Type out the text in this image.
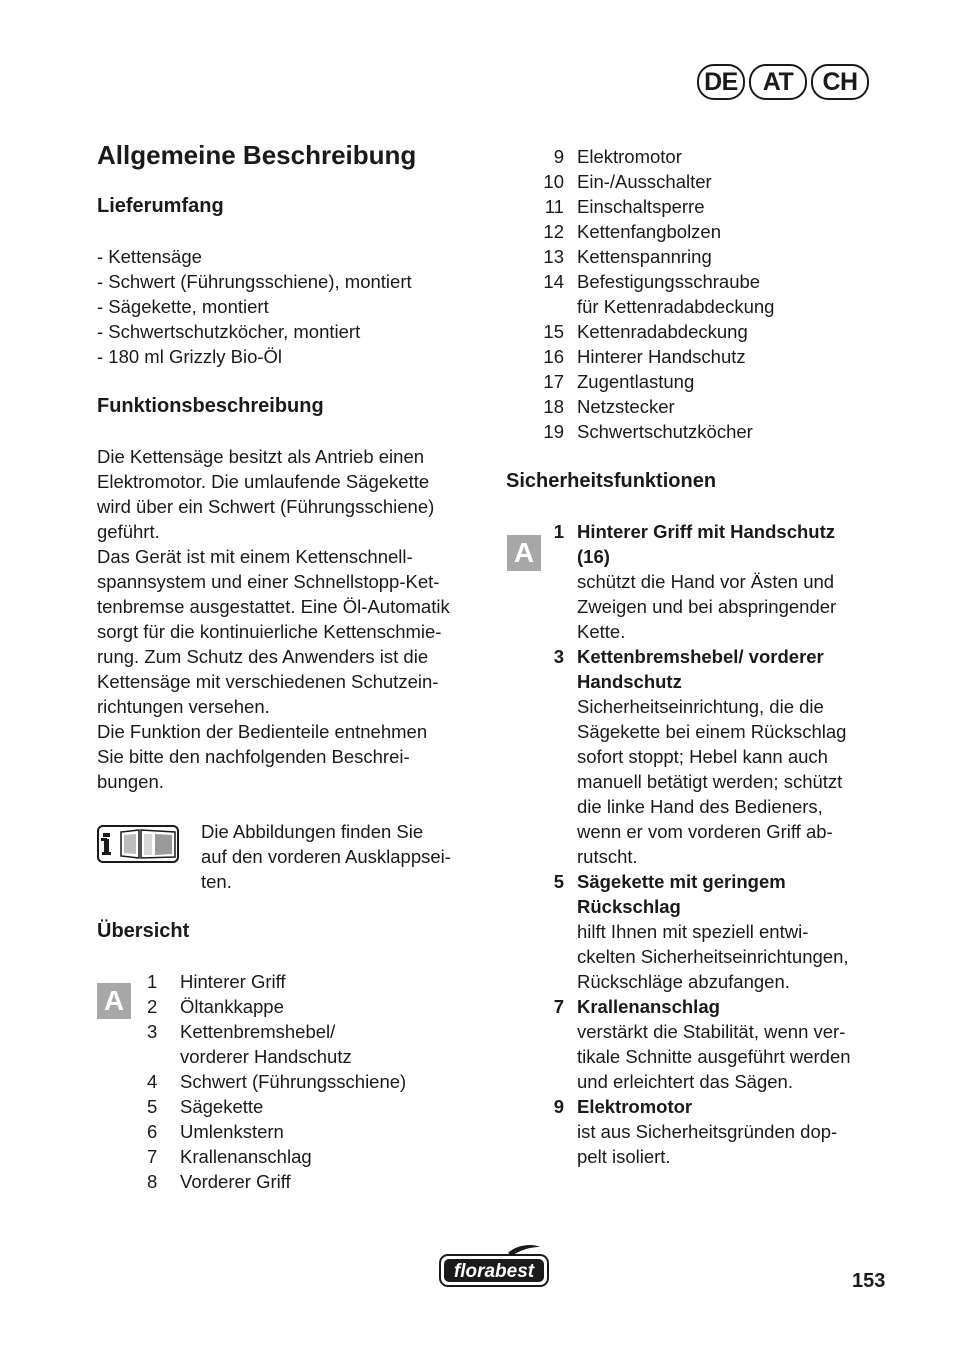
DE AT	CH
Allgemeine Beschreibung
Lieferumfang
- Kettensäge
- Schwert (Führungsschiene), montiert
- Sägekette, montiert
- Schwertschutzköcher, montiert
- 180 ml Grizzly Bio-Öl
Funktionsbeschreibung
Die Kettensäge besitzt als Antrieb einen
Elektromotor. Die umlaufende Sägekette
wird über ein Schwert (Führungsschiene)
geführt.
Das Gerät ist mit einem Kettenschnell-
spannsystem und einer Schnellstopp-Ket-
tenbremse ausgestattet. Eine Öl-Automatik
sorgt für die kontinuierliche Kettenschmie-
rung. Zum Schutz des Anwenders ist die
Kettensäge mit verschiedenen Schutzein-
richtungen versehen.
Die Funktion der Bedienteile entnehmen
Sie bitte den nachfolgenden Beschrei-
bungen.
Die Abbildungen finden Sie
auf den vorderen Ausklappsei-
ten.
Übersicht
A
1	Hinterer Griff
2	Öltankkappe
3	Kettenbremshebel/
vorderer Handschutz
4	Schwert (Führungsschiene)
5	Sägekette
6	Umlenkstern
7	Krallenanschlag
8	Vorderer Griff
9 Elektromotor
10 Ein-/Ausschalter
11 Einschaltsperre
12 Kettenfangbolzen
13 Kettenspannring
14 Befestigungsschraube
für Kettenradabdeckung
15 Kettenradabdeckung
16 Hinterer Handschutz
17 Zugentlastung
18 Netzstecker
19 Schwertschutzköcher
Sicherheitsfunktionen
A
1 Hinterer Griff mit Handschutz
(16)
schützt die Hand vor Ästen und
Zweigen und bei abspringender
Kette.
3 Kettenbremshebel/ vorderer
Handschutz
Sicherheitseinrichtung, die die
Sägekette bei einem Rückschlag
sofort stoppt; Hebel kann auch
manuell betätigt werden; schützt
die linke Hand des Bedieners,
wenn er vom vorderen Griff ab-
rutscht.
5 Sägekette mit geringem
Rückschlag
hilft Ihnen mit speziell entwi-
ckelten Sicherheitseinrichtungen,
Rückschläge abzufangen.
7 Krallenanschlag
verstärkt die Stabilität, wenn ver-
tikale Schnitte ausgeführt werden
und erleichtert das Sägen.
9 Elektromotor
ist aus Sicherheitsgründen dop-
pelt isoliert.
florabest	153
